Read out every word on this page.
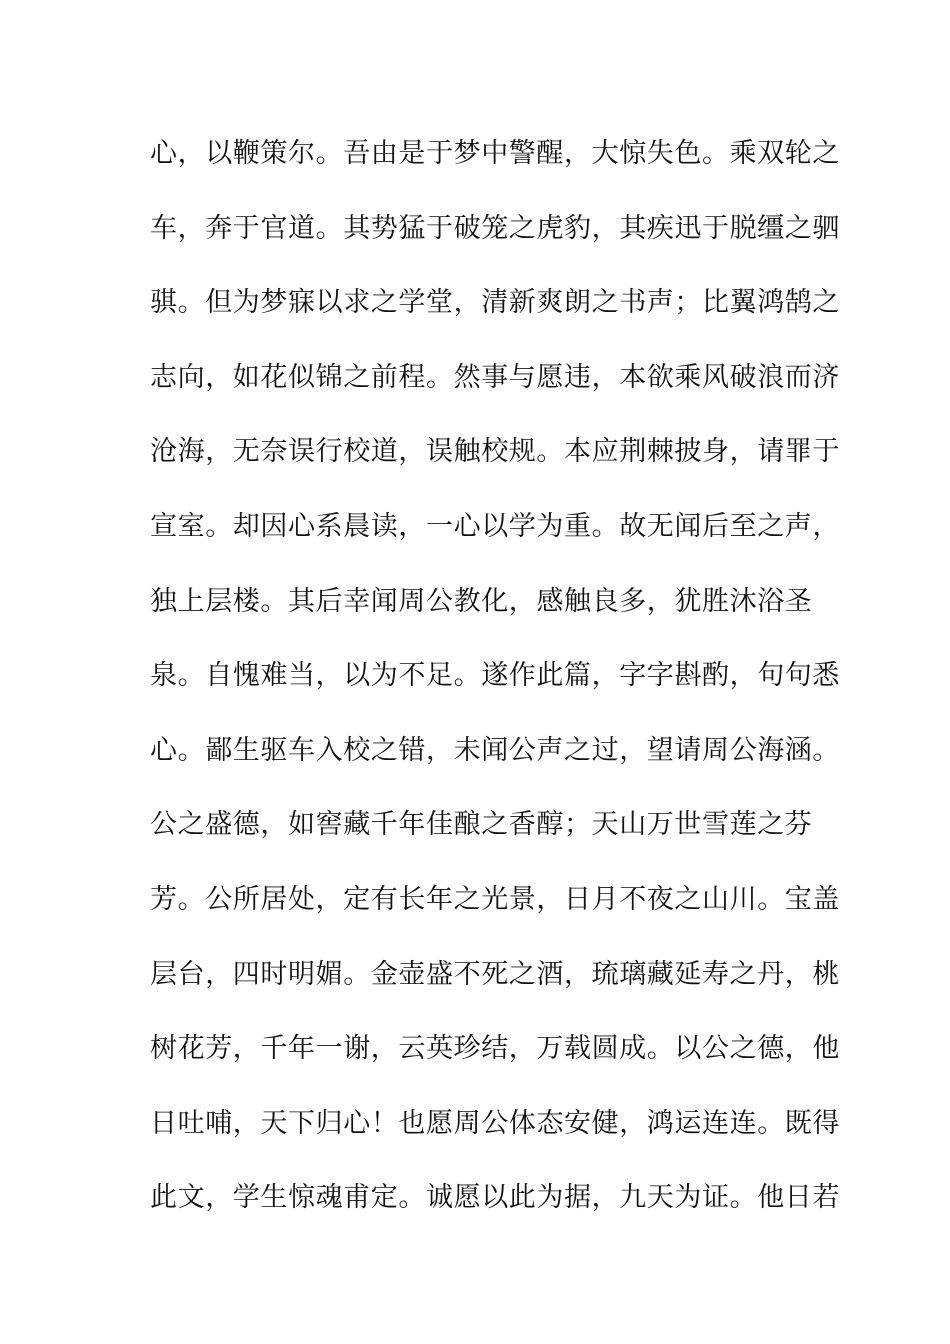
心，以鞭策尔。吾由是于梦中警醒，大惊失色。乘双轮之
车，奔于官道。其势猛于破笼之虎豹，其疾迅于脱缰之驷
骐。但为梦寐以求之学堂，清新爽朗之书声；比翼鸿鹄之
志向，如花似锦之前程。然事与愿违，本欲乘风破浪而济
沧海，无奈误行校道，误触校规。本应荆棘披身，请罪于
宣室。却因心系晨读，一心以学为重。故无闻后至之声，
独上层楼。其后幸闻周公教化，感触良多，犹胜沐浴圣
泉。自愧难当，以为不足。遂作此篇，字字斟酌，句句悉
心。鄙生驱车入校之错，未闻公声之过，望请周公海涵。
公之盛德，如窖藏千年佳酿之香醇；天山万世雪莲之芬
芳。公所居处，定有长年之光景，日月不夜之山川。宝盖
层台，四时明媚。金壶盛不死之酒，琉璃藏延寿之丹，桃
树花芳，千年一谢，云英珍结，万载圆成。以公之德，他
日吐哺，天下归心！也愿周公体态安健，鸿运连连。既得
此文，学生惊魂甫定。诚愿以此为据，九天为证。他日若
